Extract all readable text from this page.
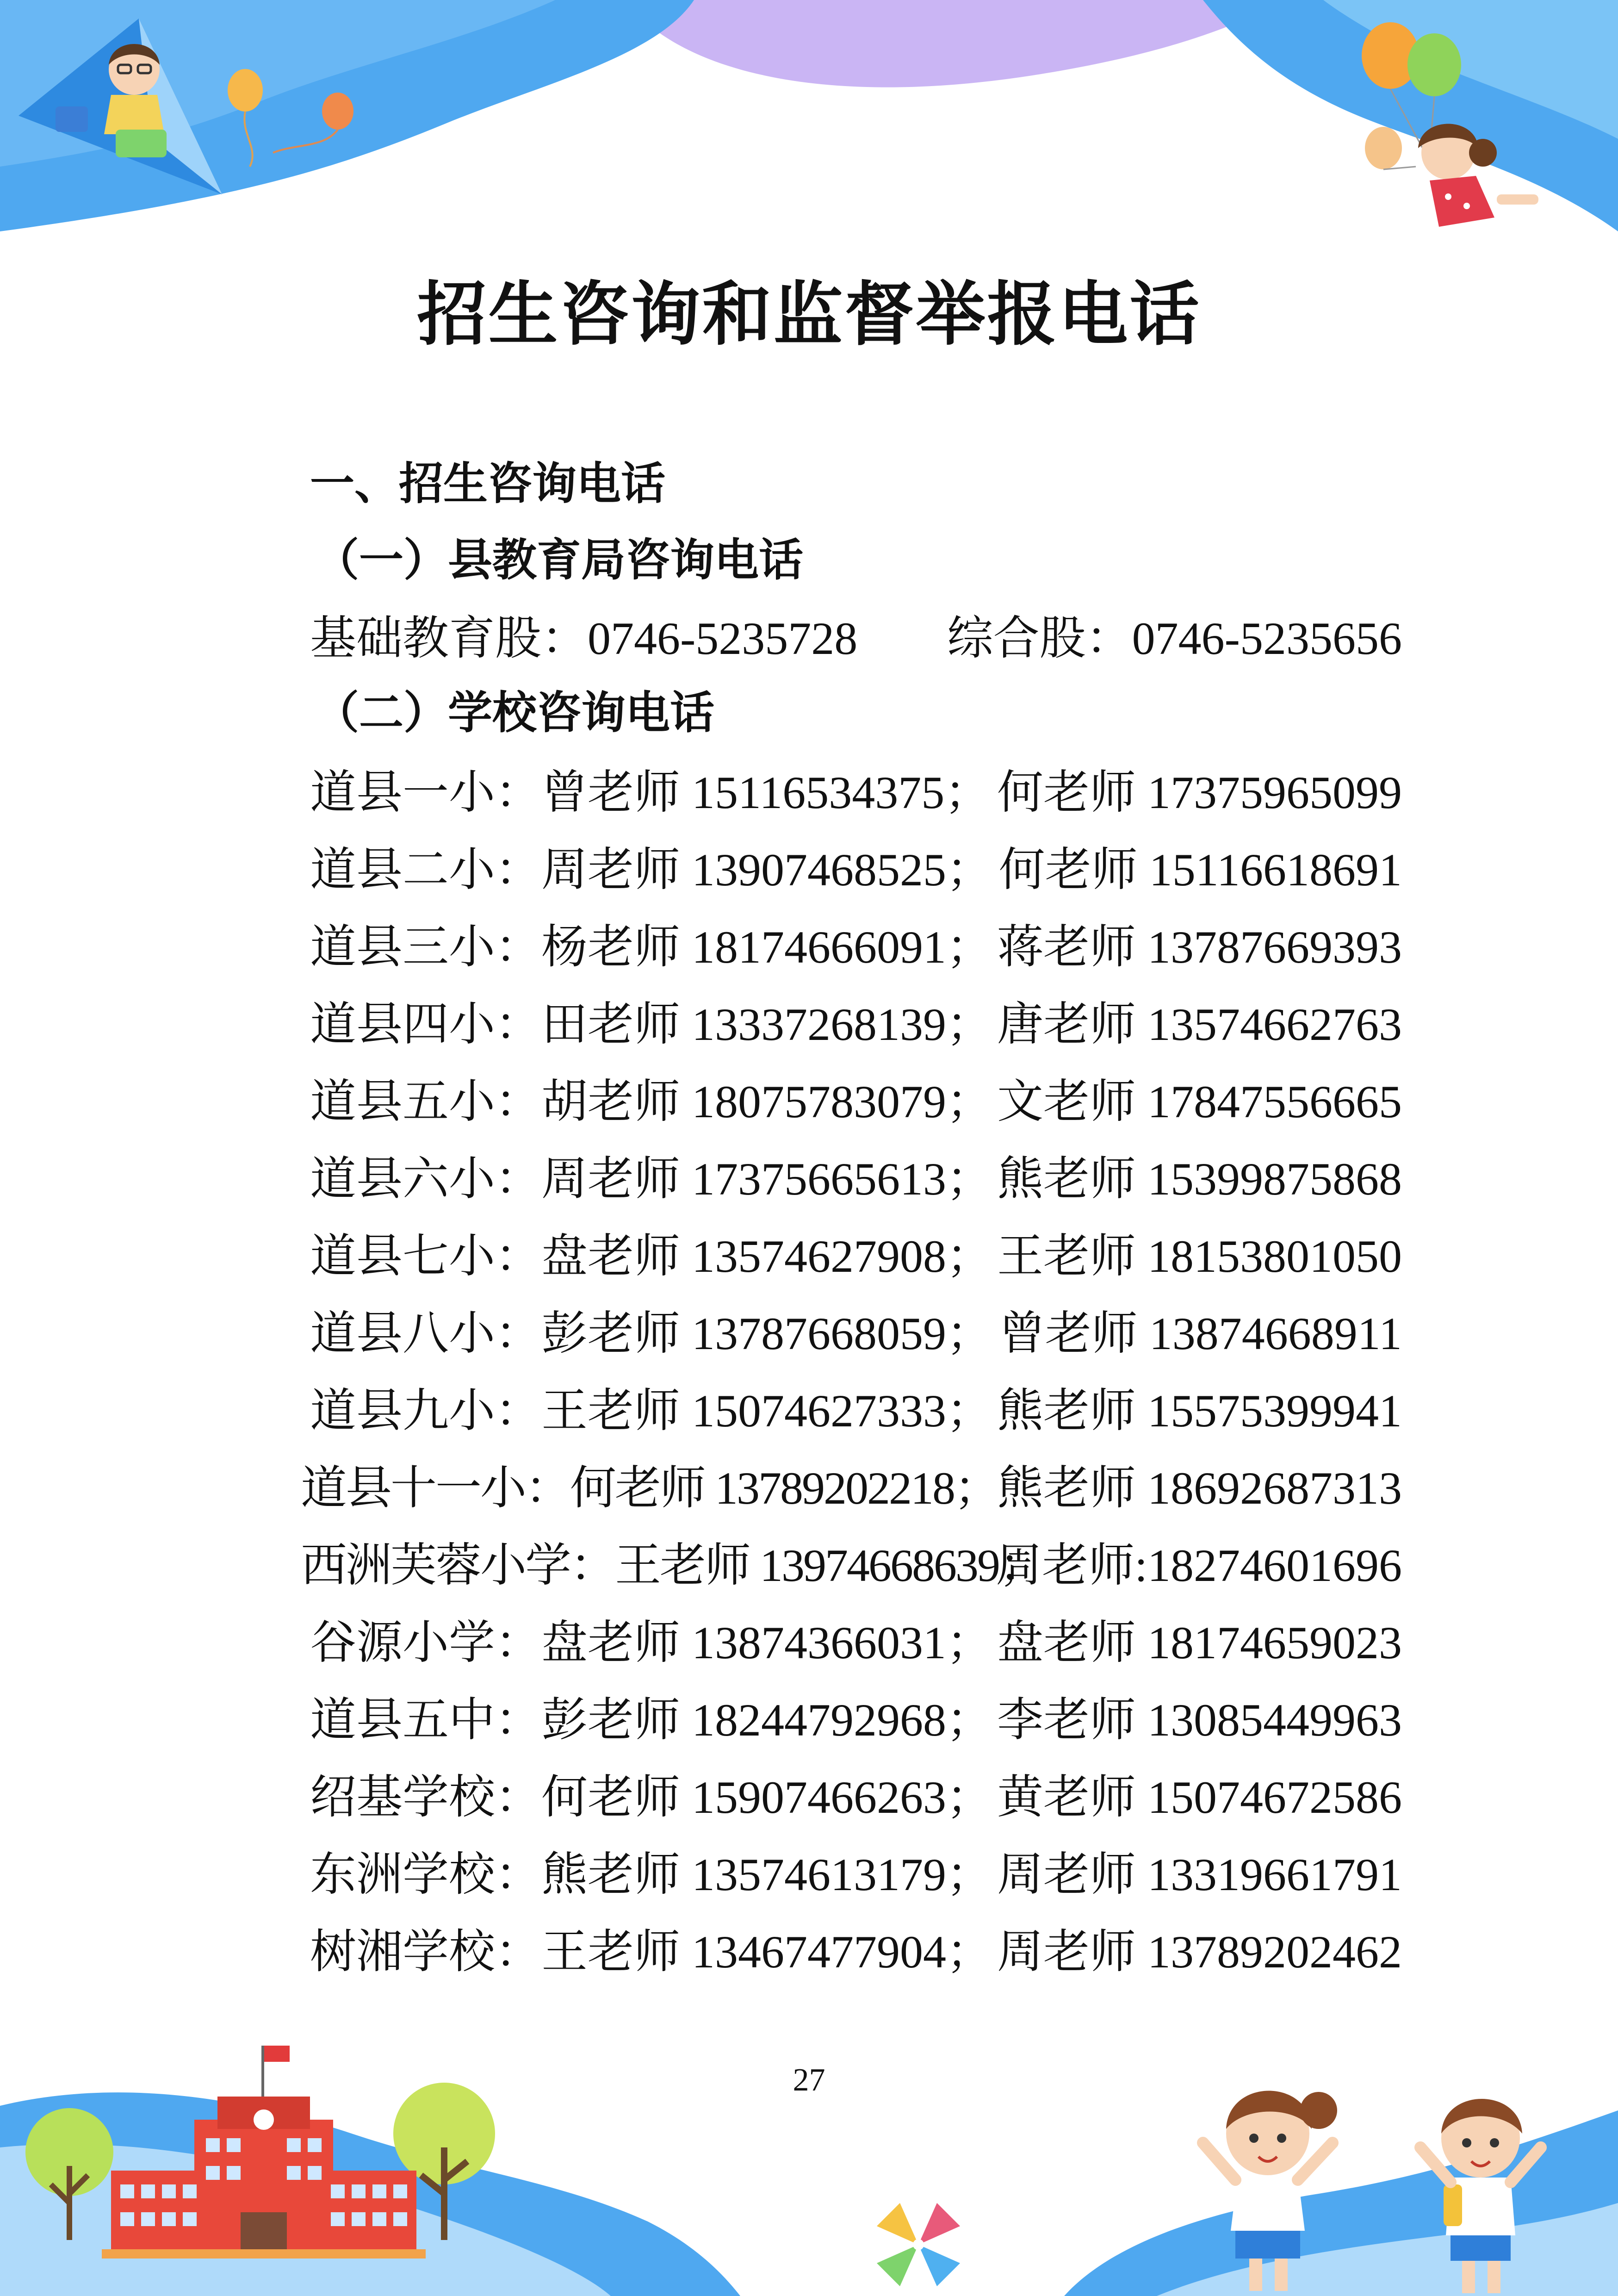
招生咨询和监督举报电话
一、招生咨询电话
（一）县教育局咨询电话
基础教育股：0746-5235728 综合股：0746-5235656
（二）学校咨询电话
道县一小：曾老师 15116534375； 何老师 17375965099
道县二小：周老师 13907468525； 何老师 15116618691
道县三小：杨老师 18174666091； 蒋老师 13787669393
道县四小：田老师 13337268139； 唐老师 13574662763
道县五小：胡老师 18075783079； 文老师 17847556665
道县六小：周老师 17375665613； 熊老师 15399875868
道县七小：盘老师 13574627908； 王老师 18153801050
道县八小：彭老师 13787668059； 曾老师 13874668911
道县九小：王老师 15074627333； 熊老师 15575399941
道县十一小：何老师 13789202218；
熊老师 18692687313
西洲芙蓉小学：王老师 13974668639；
周老师:18274601696
谷源小学：盘老师 13874366031； 盘老师 18174659023
道县五中：彭老师 18244792968； 李老师 13085449963
绍基学校：何老师 15907466263； 黄老师 15074672586
东洲学校：熊老师 13574613179； 周老师 13319661791
树湘学校：王老师 13467477904； 周老师 13789202462
27
